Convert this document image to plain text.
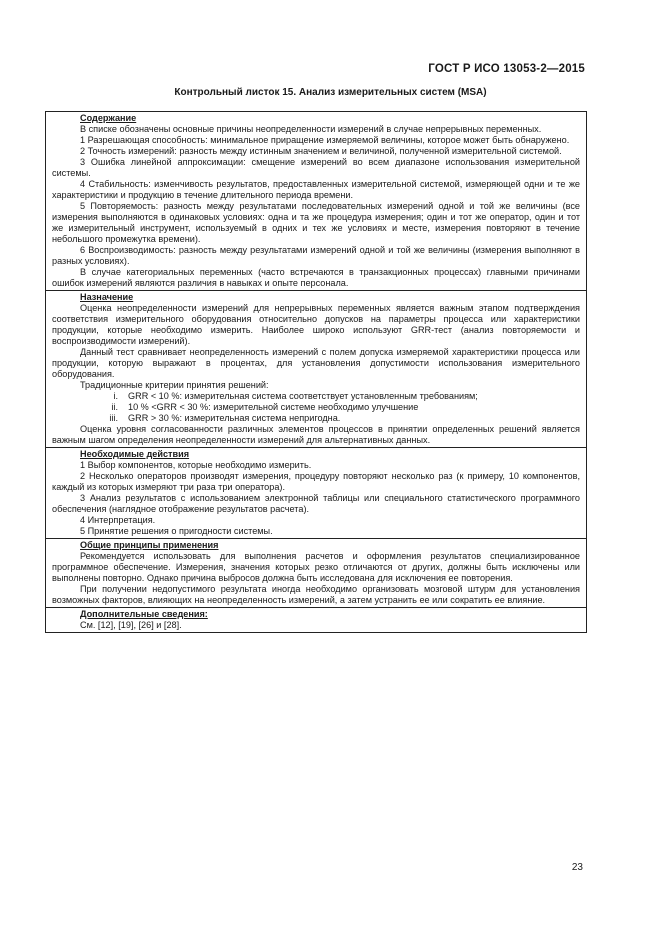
ГОСТ Р ИСО 13053-2—2015
Контрольный листок 15. Анализ измерительных систем (MSA)
Содержание

В списке обозначены основные причины неопределенности измерений в случае непрерывных переменных.

1 Разрешающая способность: минимальное приращение измеряемой величины, которое может быть обнаружено.

2 Точность измерений: разность между истинным значением и величиной, полученной измерительной системой.

3 Ошибка линейной аппроксимации: смещение измерений во всем диапазоне использования измерительной системы.

4 Стабильность: изменчивость результатов, предоставленных измерительной системой, измеряющей одни и те же характеристики и продукцию в течение длительного периода времени.

5 Повторяемость: разность между результатами последовательных измерений одной и той же величины (все измерения выполняются в одинаковых условиях: одна и та же процедура измерения; один и тот же оператор, один и тот же измерительный инструмент, используемый в одних и тех же условиях и месте, измерения повторяют в течение небольшого промежутка времени).

6 Воспроизводимость: разность между результатами измерений одной и той же величины (измерения выполняют в разных условиях).

В случае категориальных переменных (часто встречаются в транзакционных процессах) главными причинами ошибок измерений являются различия в навыках и опыте персонала.

Назначение

Оценка неопределенности измерений для непрерывных переменных является важным этапом подтверждения соответствия измерительного оборудования относительно допусков на параметры процесса или характеристики продукции, которые необходимо измерить. Наиболее широко используют GRR-тест (анализ повторяемости и воспроизводимости измерений).

Данный тест сравнивает неопределенность измерений с полем допуска измеряемой характеристики процесса или продукции, которую выражают в процентах, для установления допустимости использования измерительного оборудования.

Традиционные критерии принятия решений:

i.	GRR < 10 %: измерительная система соответствует установленным требованиям;
ii.	10 % <GRR < 30 %: измерительной системе необходимо улучшение
iii.	GRR > 30 %: измерительная система непригодна.

Оценка уровня согласованности различных элементов процессов в принятии определенных решений является важным шагом определения неопределенности измерений для альтернативных данных.

Необходимые действия

1 Выбор компонентов, которые необходимо измерить.

2 Несколько операторов производят измерения, процедуру повторяют несколько раз (к примеру, 10 компонентов, каждый из которых измеряют три раза три оператора).

3 Анализ результатов с использованием электронной таблицы или специального статистического программного обеспечения (наглядное отображение результатов расчета).

4 Интерпретация.

5 Принятие решения о пригодности системы.

Общие принципы применения

Рекомендуется использовать для выполнения расчетов и оформления результатов специализированное программное обеспечение. Измерения, значения которых резко отличаются от других, должны быть исключены или выполнены повторно. Однако причина выбросов должна быть исследована для исключения ее повторения.

При получении недопустимого результата иногда необходимо организовать мозговой штурм для установления возможных факторов, влияющих на неопределенность измерений, а затем устранить ее или сократить ее влияние.

Дополнительные сведения:

См. [12], [19], [26] и [28].

23
